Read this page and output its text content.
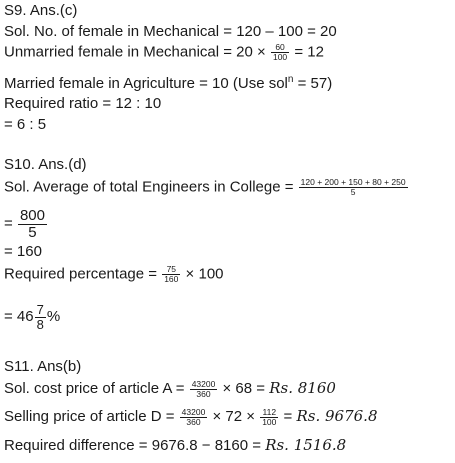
S9. Ans.(c)
Sol. No. of female in Mechanical = 120 – 100 = 20
Unmarried female in Mechanical = $20 \times \frac{60}{100} = 12$
Married female in Agriculture = 10 (Use sol$^n$ = 57)
Required ratio = 12 : 10
= 6 : 5
S10. Ans.(d)
Sol. Average of total Engineers in College = $\frac{120 + 200 + 150 + 80 + 250}{5}$
= $\frac{800}{5}$
= 160
Required percentage = $\frac{75}{160} \times 100$
= $46 \frac{7}{8}$ %
S11. Ans(b)
Sol. cost price of article $A = \frac{43200}{360} \times 68 = Rs$. 8160
Selling price of article $D = \frac{43200}{360} \times 72 \times \frac{112}{100} = Rs$. 9676.8
Required difference = 9676.8 − 8160 = Rs. 1516.8
